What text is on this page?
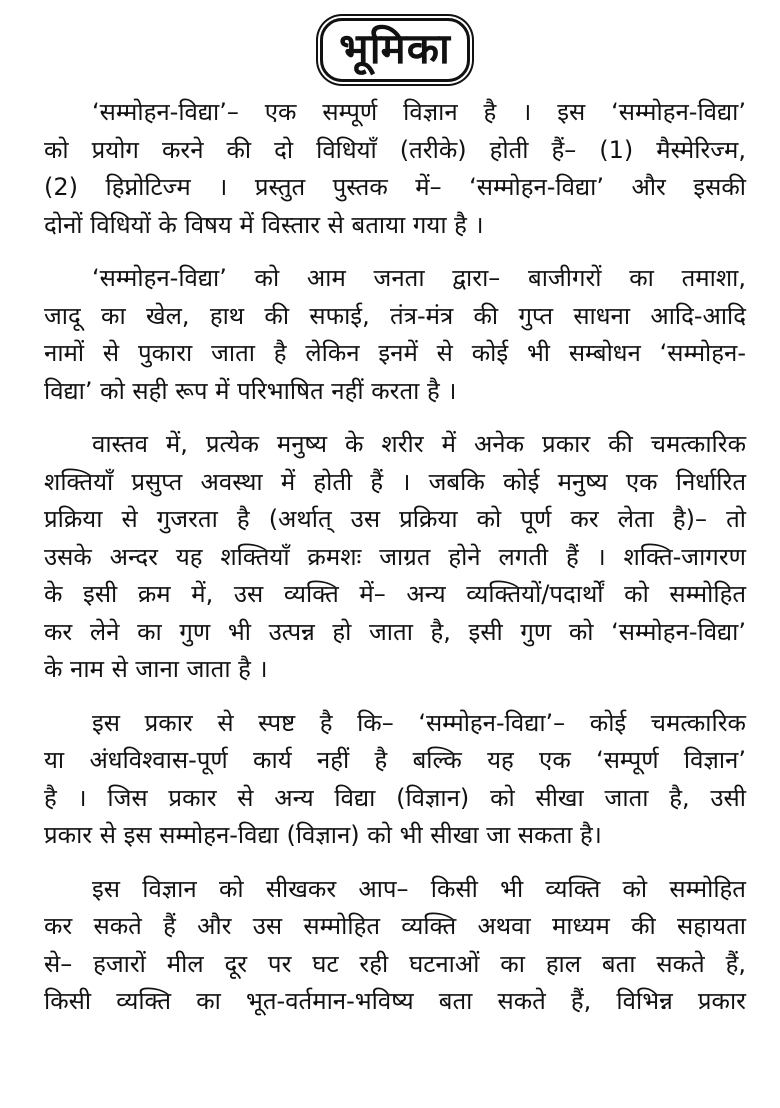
भूमिका
‘सम्मोहन-विद्या’– एक सम्पूर्ण विज्ञान है । इस ‘सम्मोहन-विद्या’
को प्रयोग करने की दो विधियाँ (तरीके) होती हैं– (1) मैस्मेरिज्म,
(2) हिप्नोटिज्म । प्रस्तुत पुस्तक में– ‘सम्मोहन-विद्या’ और इसकी
दोनों विधियों के विषय में विस्तार से बताया गया है ।
‘सम्मोहन-विद्या’ को आम जनता द्वारा– बाजीगरों का तमाशा,
जादू का खेल, हाथ की सफाई, तंत्र-मंत्र की गुप्त साधना आदि-आदि
नामों से पुकारा जाता है लेकिन इनमें से कोई भी सम्बोधन ‘सम्मोहन-
विद्या’ को सही रूप में परिभाषित नहीं करता है ।
वास्तव में, प्रत्येक मनुष्य के शरीर में अनेक प्रकार की चमत्कारिक
शक्तियाँ प्रसुप्त अवस्था में होती हैं । जबकि कोई मनुष्य एक निर्धारित
प्रक्रिया से गुजरता है (अर्थात् उस प्रक्रिया को पूर्ण कर लेता है)– तो
उसके अन्दर यह शक्तियाँ क्रमशः जाग्रत होने लगती हैं । शक्ति-जागरण
के इसी क्रम में, उस व्यक्ति में– अन्य व्यक्तियों/पदार्थों को सम्मोहित
कर लेने का गुण भी उत्पन्न हो जाता है, इसी गुण को ‘सम्मोहन-विद्या’
के नाम से जाना जाता है ।
इस प्रकार से स्पष्ट है कि– ‘सम्मोहन-विद्या’– कोई चमत्कारिक
या अंधविश्वास-पूर्ण कार्य नहीं है बल्कि यह एक ‘सम्पूर्ण विज्ञान’
है । जिस प्रकार से अन्य विद्या (विज्ञान) को सीखा जाता है, उसी
प्रकार से इस सम्मोहन-विद्या (विज्ञान) को भी सीखा जा सकता है।
इस विज्ञान को सीखकर आप– किसी भी व्यक्ति को सम्मोहित
कर सकते हैं और उस सम्मोहित व्यक्ति अथवा माध्यम की सहायता
से– हजारों मील दूर पर घट रही घटनाओं का हाल बता सकते हैं,
किसी व्यक्ति का भूत-वर्तमान-भविष्य बता सकते हैं, विभिन्न प्रकार
